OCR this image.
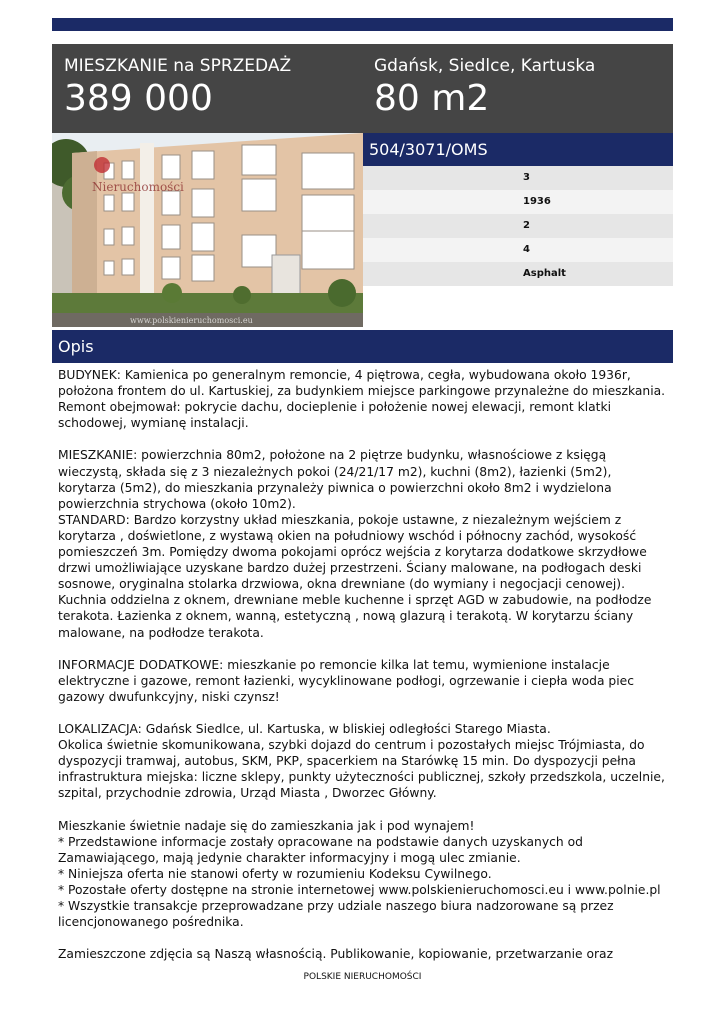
MIESZKANIE na SPRZEDAŻ
389 000
Gdańsk, Siedlce, Kartuska
80 m2
Nieruchomości
www.polskienieruchomosci.eu
504/3071/OMS
3
1936
2
4
Asphalt
Opis

BUDYNEK: Kamienica po generalnym remoncie, 4 piętrowa, cegła, wybudowana około 1936r, położona frontem do ul. Kartuskiej, za budynkiem miejsce parkingowe przynależne do mieszkania. Remont obejmował: pokrycie dachu, docieplenie i położenie nowej elewacji, remont klatki schodowej, wymianę instalacji.

MIESZKANIE: powierzchnia 80m2, położone na 2 piętrze budynku, własnościowe z księgą wieczystą, składa się z 3 niezależnych pokoi (24/21/17 m2), kuchni (8m2), łazienki (5m2), korytarza (5m2), do mieszkania przynależy piwnica o powierzchni około 8m2 i wydzielona powierzchnia strychowa (około 10m2).
STANDARD: Bardzo korzystny układ mieszkania, pokoje ustawne, z niezależnym wejściem z korytarza , doświetlone, z wystawą okien na południowy wschód i północny zachód, wysokość pomieszczeń 3m. Pomiędzy dwoma pokojami oprócz wejścia z korytarza dodatkowe skrzydłowe drzwi umożliwiające uzyskane bardzo dużej przestrzeni. Ściany malowane, na podłogach deski sosnowe, oryginalna stolarka drzwiowa, okna drewniane (do wymiany i negocjacji cenowej). Kuchnia oddzielna z oknem, drewniane meble kuchenne i sprzęt AGD w zabudowie, na podłodze terakota. Łazienka z oknem, wanną, estetyczną , nową glazurą i terakotą. W korytarzu ściany malowane, na podłodze terakota.

INFORMACJE DODATKOWE: mieszkanie po remoncie kilka lat temu, wymienione instalacje elektryczne i gazowe, remont łazienki, wycyklinowane podłogi, ogrzewanie i ciepła woda piec gazowy dwufunkcyjny, niski czynsz!

LOKALIZACJA: Gdańsk Siedlce, ul. Kartuska, w bliskiej odległości Starego Miasta.
Okolica świetnie skomunikowana, szybki dojazd do centrum i pozostałych miejsc Trójmiasta, do dyspozycji tramwaj, autobus, SKM, PKP, spacerkiem na Starówkę 15 min. Do dyspozycji pełna infrastruktura miejska: liczne sklepy, punkty użyteczności publicznej, szkoły przedszkola, uczelnie, szpital, przychodnie zdrowia, Urząd Miasta , Dworzec Główny.

Mieszkanie świetnie nadaje się do zamieszkania jak i pod wynajem!
* Przedstawione informacje zostały opracowane na podstawie danych uzyskanych od Zamawiającego, mają jedynie charakter informacyjny i mogą ulec zmianie.
* Niniejsza oferta nie stanowi oferty w rozumieniu Kodeksu Cywilnego.
* Pozostałe oferty dostępne na stronie internetowej www.polskienieruchomosci.eu i www.polnie.pl
* Wszystkie transakcje przeprowadzane przy udziale naszego biura nadzorowane są przez licencjonowanego pośrednika.

Zamieszczone zdjęcia są Naszą własnością. Publikowanie, kopiowanie, przetwarzanie oraz

POLSKIE NIERUCHOMOŚCI
